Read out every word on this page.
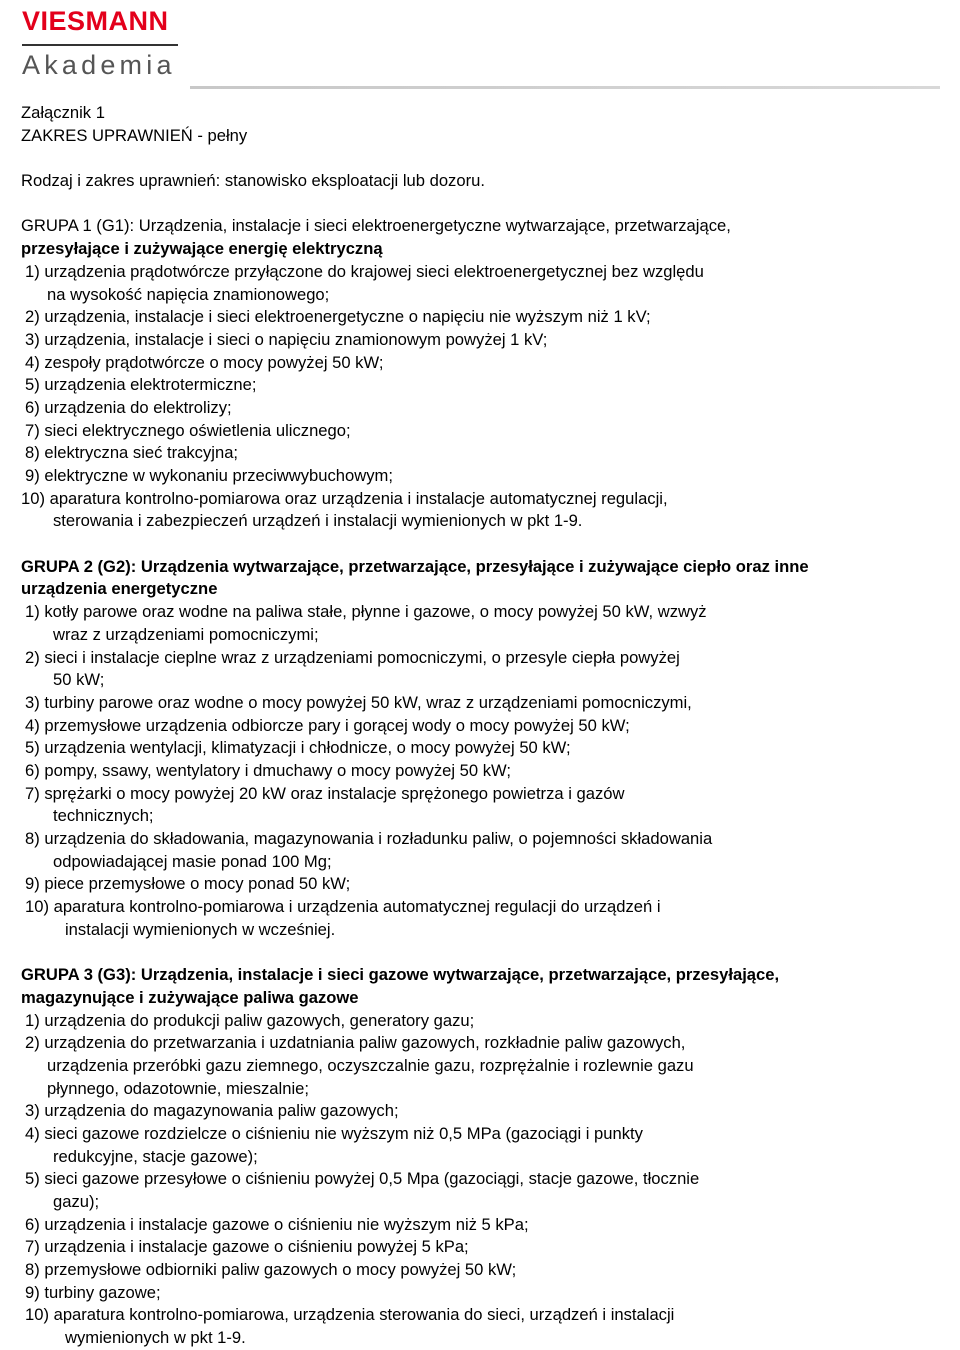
VIESMANN
Akademia
Załącznik 1
ZAKRES UPRAWNIEŃ - pełny
Rodzaj i zakres uprawnień: stanowisko eksploatacji lub dozoru.
GRUPA 1 (G1): Urządzenia, instalacje i sieci elektroenergetyczne wytwarzające, przetwarzające,
przesyłające i zużywające energię elektryczną
1) urządzenia prądotwórcze przyłączone do krajowej sieci elektroenergetycznej bez względu
na wysokość napięcia znamionowego;
2) urządzenia, instalacje i sieci elektroenergetyczne o napięciu nie wyższym niż 1 kV;
3) urządzenia, instalacje i sieci o napięciu znamionowym powyżej 1 kV;
4) zespoły prądotwórcze o mocy powyżej 50 kW;
5) urządzenia elektrotermiczne;
6) urządzenia do elektrolizy;
7) sieci elektrycznego oświetlenia ulicznego;
8) elektryczna sieć trakcyjna;
9) elektryczne w wykonaniu przeciwwybuchowym;
10) aparatura kontrolno-pomiarowa oraz urządzenia i instalacje automatycznej regulacji,
sterowania i zabezpieczeń urządzeń i instalacji wymienionych w pkt 1-9.
GRUPA 2 (G2): Urządzenia wytwarzające, przetwarzające, przesyłające i zużywające ciepło oraz inne
urządzenia energetyczne
1) kotły parowe oraz wodne na paliwa stałe, płynne i gazowe, o mocy powyżej 50 kW, wzwyż
wraz z urządzeniami pomocniczymi;
2) sieci i instalacje cieplne wraz z urządzeniami pomocniczymi, o przesyle ciepła powyżej
50 kW;
3) turbiny parowe oraz wodne o mocy powyżej 50 kW, wraz z urządzeniami pomocniczymi,
4) przemysłowe urządzenia odbiorcze pary i gorącej wody o mocy powyżej 50 kW;
5) urządzenia wentylacji, klimatyzacji i chłodnicze, o mocy powyżej 50 kW;
6) pompy, ssawy, wentylatory i dmuchawy o mocy powyżej 50 kW;
7) sprężarki o mocy powyżej 20 kW oraz instalacje sprężonego powietrza i gazów
technicznych;
8) urządzenia do składowania, magazynowania i rozładunku paliw, o pojemności składowania
odpowiadającej masie ponad 100 Mg;
9) piece przemysłowe o mocy ponad 50 kW;
10) aparatura kontrolno-pomiarowa i urządzenia automatycznej regulacji do urządzeń i
instalacji wymienionych w wcześniej.
GRUPA 3 (G3): Urządzenia, instalacje i sieci gazowe wytwarzające, przetwarzające, przesyłające,
magazynujące i zużywające paliwa gazowe
1) urządzenia do produkcji paliw gazowych, generatory gazu;
2) urządzenia do przetwarzania i uzdatniania paliw gazowych, rozkładnie paliw gazowych,
urządzenia przeróbki gazu ziemnego, oczyszczalnie gazu, rozprężalnie i rozlewnie gazu
płynnego, odazotownie, mieszalnie;
3) urządzenia do magazynowania paliw gazowych;
4) sieci gazowe rozdzielcze o ciśnieniu nie wyższym niż 0,5 MPa (gazociągi i punkty
redukcyjne, stacje gazowe);
5) sieci gazowe przesyłowe o ciśnieniu powyżej 0,5 Mpa (gazociągi, stacje gazowe, tłocznie
gazu);
6) urządzenia i instalacje gazowe o ciśnieniu nie wyższym niż 5 kPa;
7) urządzenia i instalacje gazowe o ciśnieniu powyżej 5 kPa;
8) przemysłowe odbiorniki paliw gazowych o mocy powyżej 50 kW;
9) turbiny gazowe;
10) aparatura kontrolno-pomiarowa, urządzenia sterowania do sieci, urządzeń i instalacji
wymienionych w pkt 1-9.
